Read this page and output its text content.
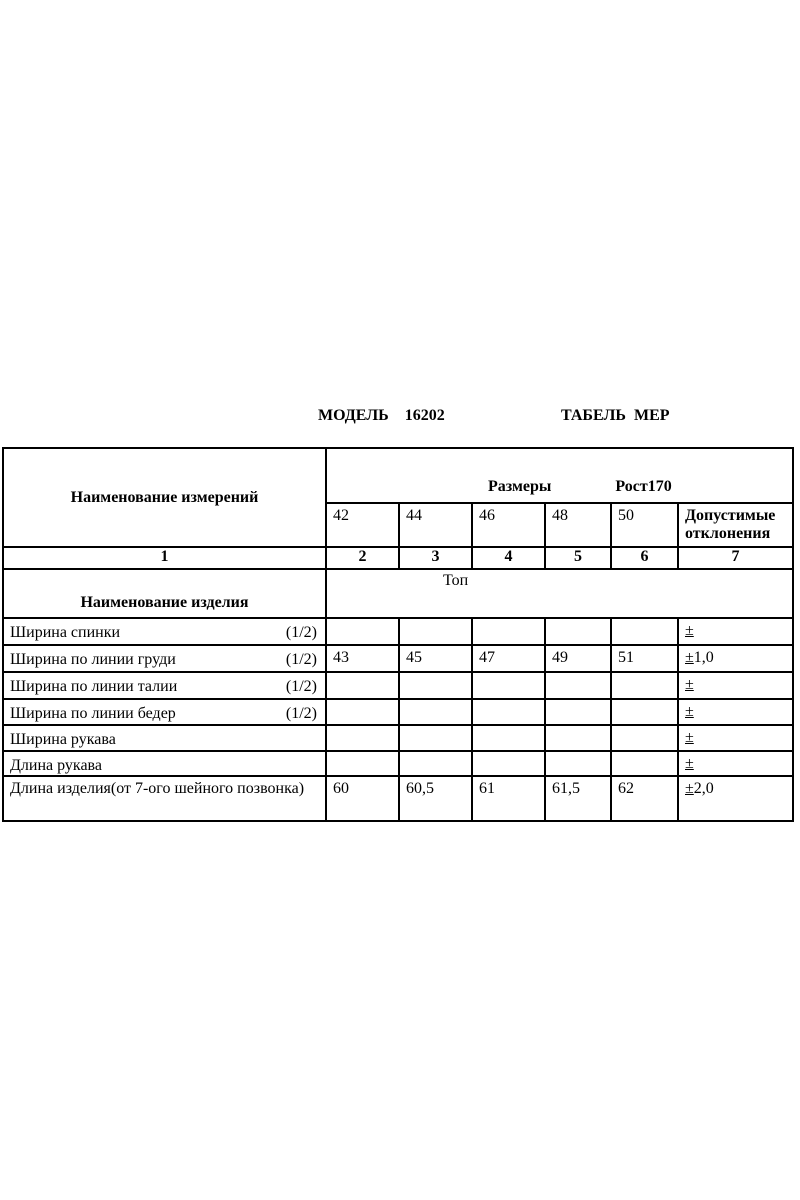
МОДЕЛЬ    16202	ТАБЕЛЬ  МЕР
Наименование измерений	Размеры Рост170					
	42	44	46	48	50	Допустимые
отклонения

1	2	3	4	5	6	7
Наименование изделия	Топ					
Ширина спинки (1/2)						±
Ширина по линии груди (1/2)	43	45	47	49	51	±1,0
Ширина по линии талии (1/2)						±
Ширина по линии бедер (1/2)						±
Ширина рукава						±
Длина рукава						±
Длина изделия(от 7-ого шейного позвонка)	60	60,5	61	61,5	62	±2,0
